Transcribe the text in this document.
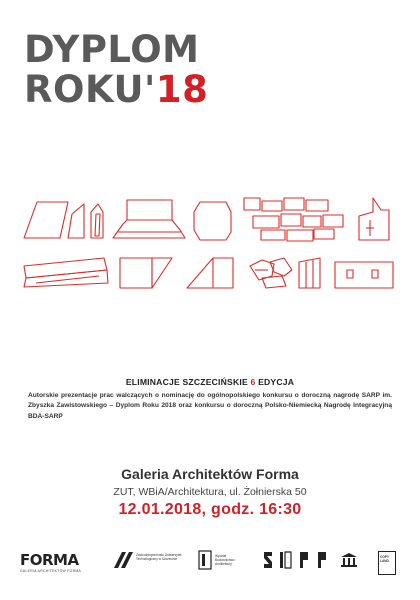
DYPLOM
ROKU'18
ELIMINACJE SZCZECIŃSKIE 6 EDYCJA
Autorskie prezentacje prac walczących o nominację do ogólnopolskiego konkursu o doroczną nagrodę SARP im. Zbyszka Zawistowskiego – Dyplom Roku 2018 oraz konkursu o doroczną Polsko-Niemiecką Nagrodę Integracyjną BDA-SARP
Galeria Architektów Forma
ZUT, WBiA/Architektura, ul. Żołnierska 50
12.01.2018, godz. 16:30
FORMA
GALERIA ARCHITEKTÓW FORMA
Zachodniopomorski Uniwersytet Technologiczny w Szczecinie
Wydział Budownictwa i Architektury
COPY LAND
